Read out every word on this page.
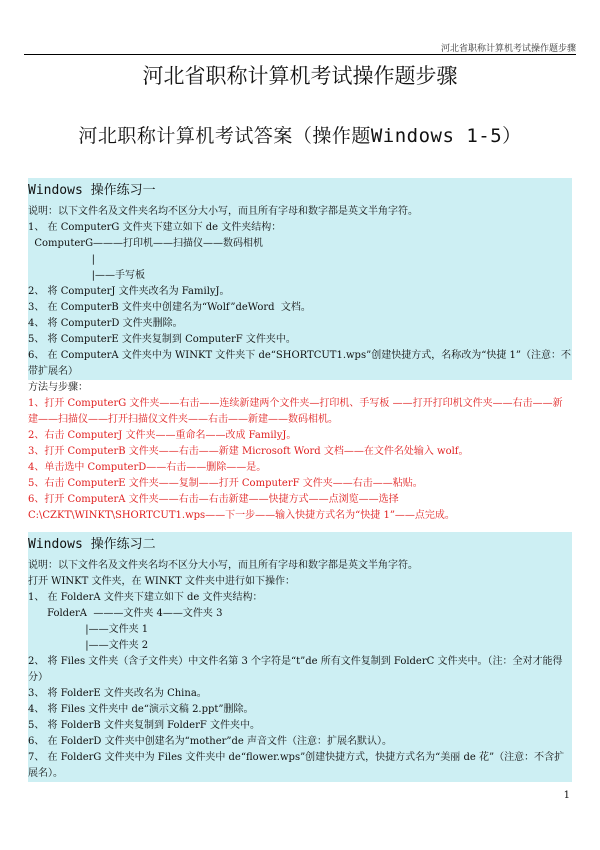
河北省职称计算机考试操作题步骤
河北省职称计算机考试操作题步骤
河北职称计算机考试答案（操作题Windows 1-5）
Windows 操作练习一
说明：以下文件名及文件夹名均不区分大小写，而且所有字母和数字都是英文半角字符。
1、 在 ComputerG 文件夹下建立如下 de 文件夹结构：
ComputerG———打印机——扫描仪——数码相机
|
|——手写板
2、 将 ComputerJ 文件夹改名为 FamilyJ。
3、 在 ComputerB 文件夹中创建名为“Wolf”deWord  文档。
4、 将 ComputerD 文件夹删除。
5、 将 ComputerE 文件夹复制到 ComputerF 文件夹中。
6、 在 ComputerA 文件夹中为 WINKT 文件夹下 de“SHORTCUT1.wps”创建快捷方式，名称改为“快捷 1”（注意：不带扩展名）
方法与步骤：
1、打开 ComputerG 文件夹——右击——连续新建两个文件夹—打印机、手写板 ——打开打印机文件夹——右击——新建——扫描仪——打开扫描仪文件夹——右击——新建——数码相机。
2、右击 ComputerJ 文件夹——重命名——改成 FamilyJ。
3、打开 ComputerB 文件夹——右击——新建 Microsoft Word 文档——在文件名处输入 wolf。
4、单击选中 ComputerD——右击——删除——是。
5、右击 ComputerE 文件夹——复制——打开 ComputerF 文件夹——右击——粘贴。
6、打开 ComputerA 文件夹——右击—右击新建——快捷方式——点浏览——选择 C:\CZKT\WINKT\SHORTCUT1.wps——下一步——输入快捷方式名为“快捷 1”——点完成。
Windows 操作练习二
说明：以下文件名及文件夹名均不区分大小写，而且所有字母和数字都是英文半角字符。
打开 WINKT 文件夹，在 WINKT 文件夹中进行如下操作：
1、 在 FolderA 文件夹下建立如下 de 文件夹结构：
FolderA  ———文件夹 4——文件夹 3
|——文件夹 1
|——文件夹 2
2、 将 Files 文件夹（含子文件夹）中文件名第 3 个字符是“t”de 所有文件复制到 FolderC 文件夹中。（注：全对才能得分）
3、 将 FolderE 文件夹改名为 China。
4、 将 Files 文件夹中 de“演示文稿 2.ppt”删除。
5、 将 FolderB 文件夹复制到 FolderF 文件夹中。
6、 在 FolderD 文件夹中创建名为“mother”de 声音文件（注意：扩展名默认）。
7、 在 FolderG 文件夹中为 Files 文件夹中 de“flower.wps”创建快捷方式，快捷方式名为“美丽 de 花”（注意：不含扩展名）。
1
